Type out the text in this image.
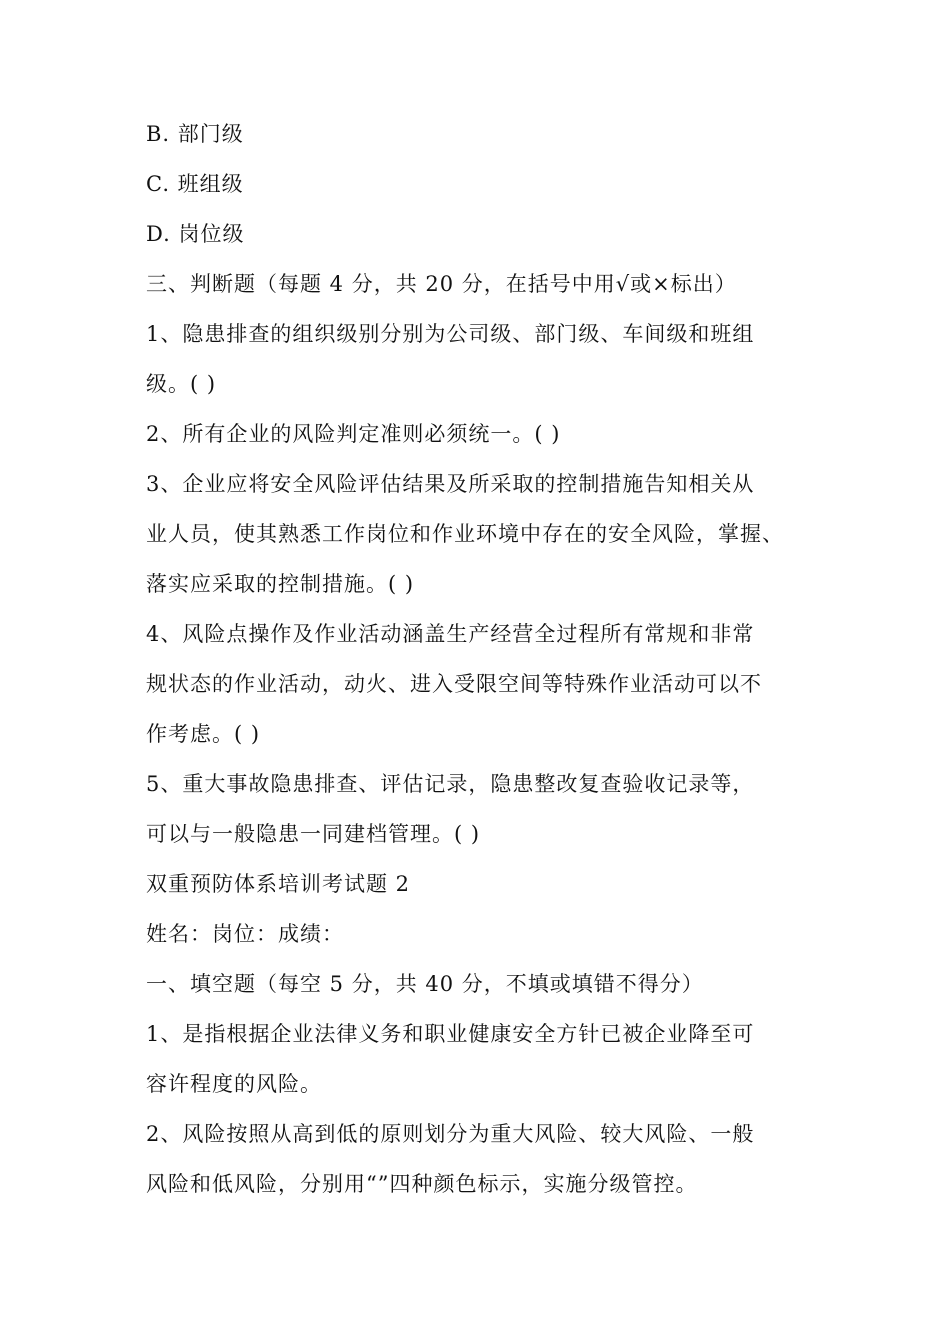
B. 部门级
C. 班组级
D. 岗位级
三、判断题（每题 4 分，共 20 分，在括号中用√或×标出）
1、隐患排查的组织级别分别为公司级、部门级、车间级和班组
级。( )
2、所有企业的风险判定准则必须统一。( )
3、企业应将安全风险评估结果及所采取的控制措施告知相关从
业人员，使其熟悉工作岗位和作业环境中存在的安全风险，掌握、
落实应采取的控制措施。( )
4、风险点操作及作业活动涵盖生产经营全过程所有常规和非常
规状态的作业活动，动火、进入受限空间等特殊作业活动可以不
作考虑。( )
5、重大事故隐患排查、评估记录，隐患整改复查验收记录等，
可以与一般隐患一同建档管理。( )
双重预防体系培训考试题 2
姓名：岗位：成绩：
一、填空题（每空 5 分，共 40 分，不填或填错不得分）
1、是指根据企业法律义务和职业健康安全方针已被企业降至可
容许程度的风险。
2、风险按照从高到低的原则划分为重大风险、较大风险、一般
风险和低风险，分别用“”四种颜色标示，实施分级管控。
